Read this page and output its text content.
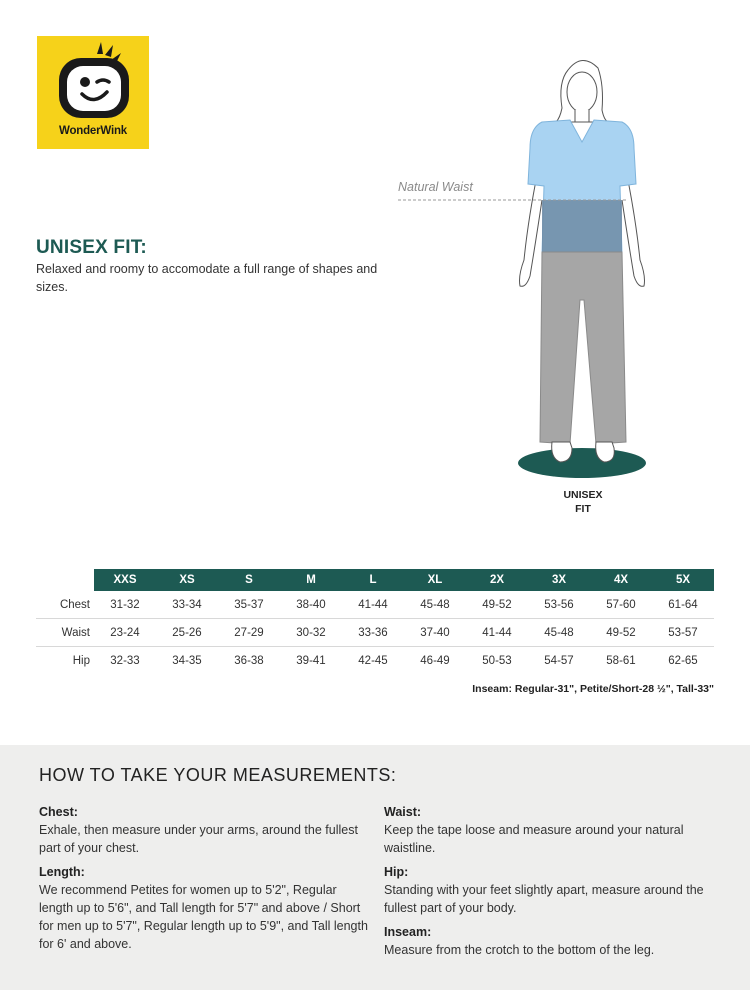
WonderWink
UNISEX FIT:
Relaxed and roomy to accomodate a full range of shapes and sizes.
Natural Waist
UNISEX
FIT
	XXS	XS	S	M	L	XL	2X	3X	4X	5X
Chest	31-32	33-34	35-37	38-40	41-44	45-48	49-52	53-56	57-60	61-64
Waist	23-24	25-26	27-29	30-32	33-36	37-40	41-44	45-48	49-52	53-57
Hip	32-33	34-35	36-38	39-41	42-45	46-49	50-53	54-57	58-61	62-65
Inseam: Regular-31", Petite/Short-28 ½", Tall-33"
HOW TO TAKE YOUR MEASUREMENTS:
Chest:
Exhale, then measure under your arms, around the fullest part of your chest.
Length:
We recommend Petites for women up to 5'2", Regular length up to 5'6", and Tall length for 5'7" and above / Short for men up to 5'7", Regular length up to 5'9", and Tall length for 6' and above.
Waist:
Keep the tape loose and measure around your natural waistline.
Hip:
Standing with your feet slightly apart, measure around the fullest part of your body.
Inseam:
Measure from the crotch to the bottom of the leg.
